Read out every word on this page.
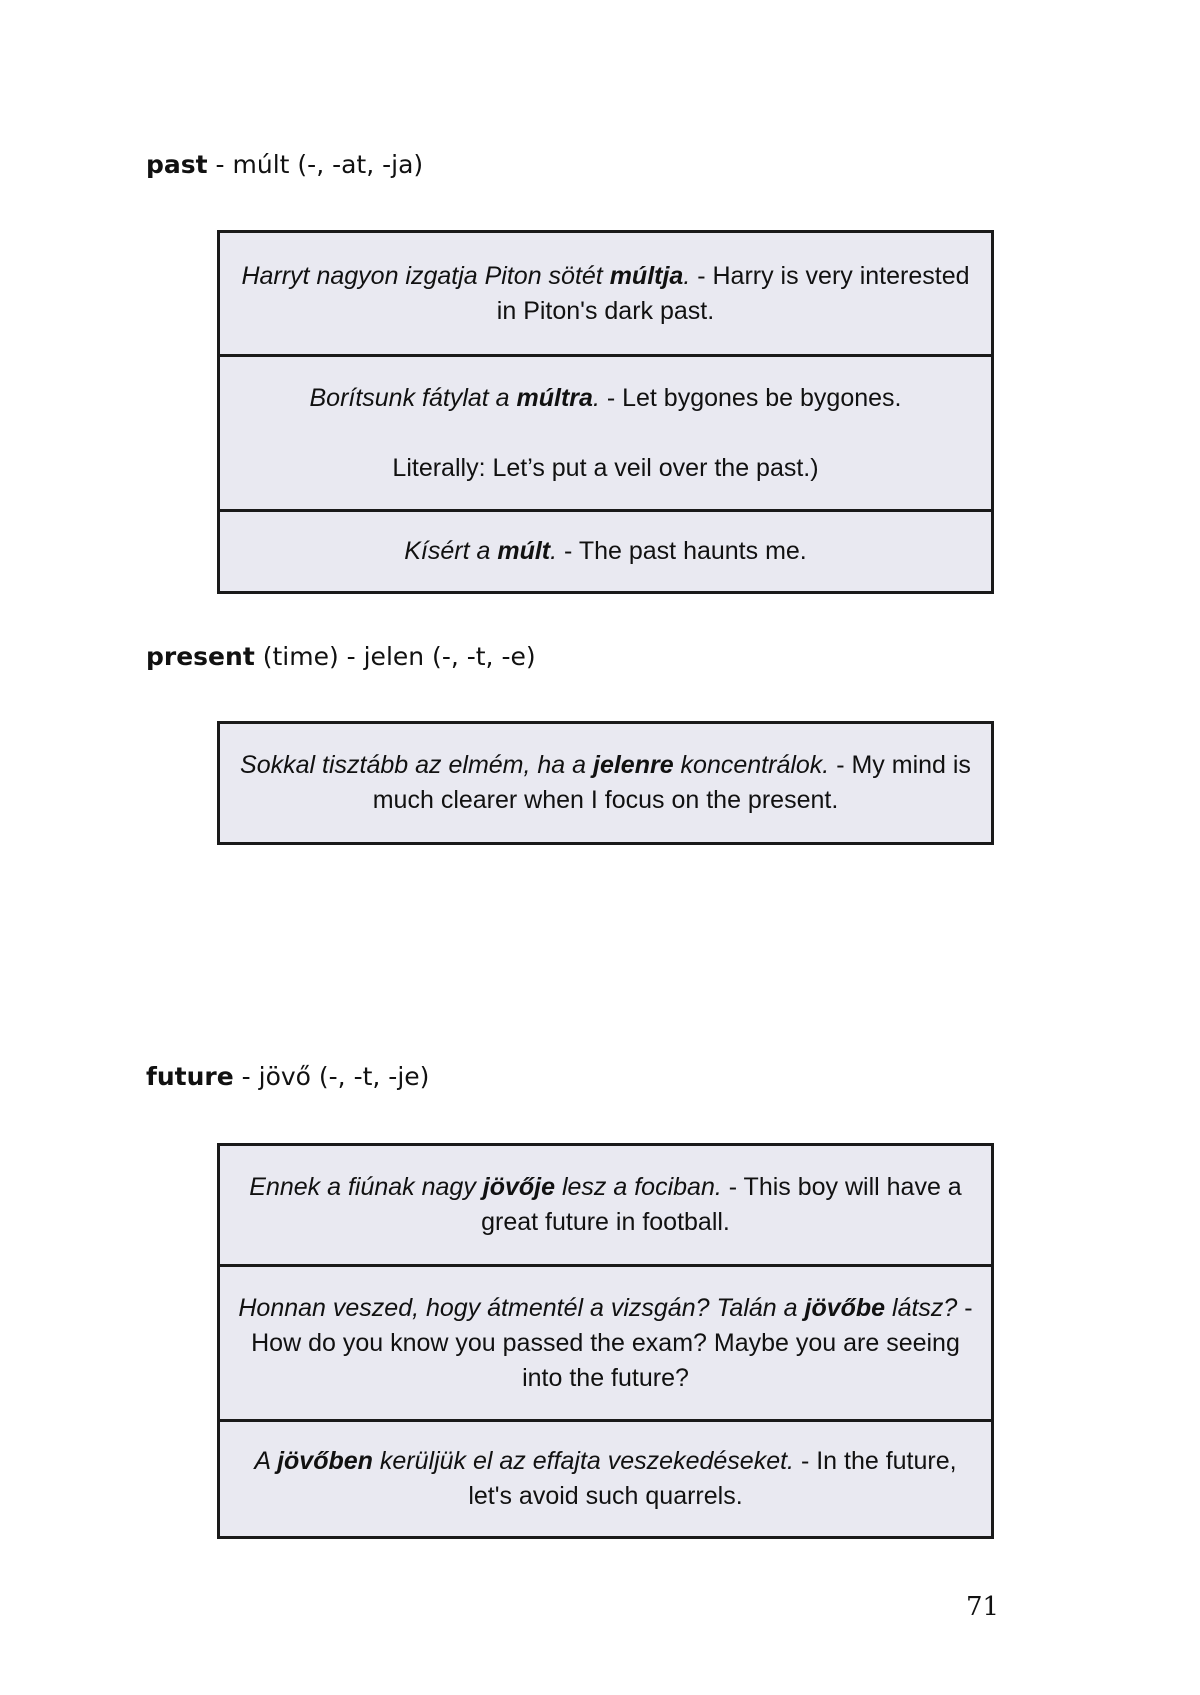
past - múlt (-, -at, -ja)

Harryt nagyon izgatja Piton sötét múltja. - Harry is very interested in Piton's dark past.

Borítsunk fátylat a múltra. - Let bygones be bygones.

Literally: Let’s put a veil over the past.)

Kísért a múlt. - The past haunts me.

present (time) - jelen (-, -t, -e)

Sokkal tisztább az elmém, ha a jelenre koncentrálok. - My mind is much clearer when I focus on the present.

future - jövő (-, -t, -je)

Ennek a fiúnak nagy jövője lesz a fociban. - This boy will have a great future in football.

Honnan veszed, hogy átmentél a vizsgán? Talán a jövőbe látsz? - How do you know you passed the exam? Maybe you are seeing into the future?

A jövőben kerüljük el az effajta veszekedéseket. - In the future, let's avoid such quarrels.

71
